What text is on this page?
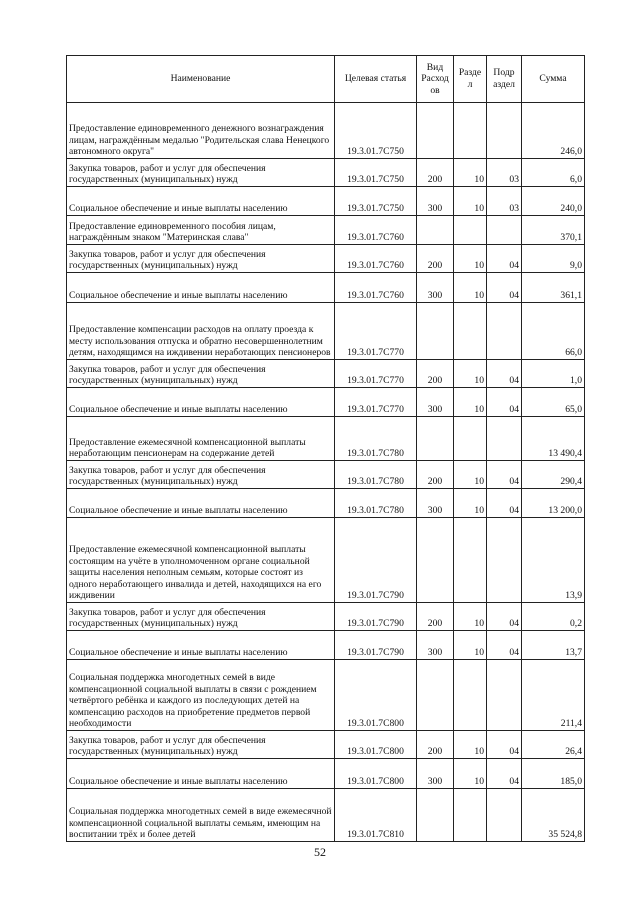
Наименование	Целевая статья	Вид Расход ов	Разде л	Подр аздел	Сумма
Предоставление единовременного денежного вознаграждения лицам, награждённым медалью "Родительская слава Ненецкого автономного округа"	19.3.01.7С750				246,0
Закупка товаров, работ и услуг для обеспечения государственных (муниципальных) нужд	19.3.01.7С750	200	10	03	6,0
Социальное обеспечение и иные выплаты населению	19.3.01.7С750	300	10	03	240,0
Предоставление единовременного пособия лицам, награждённым знаком "Материнская слава"	19.3.01.7С760				370,1
Закупка товаров, работ и услуг для обеспечения государственных (муниципальных) нужд	19.3.01.7С760	200	10	04	9,0
Социальное обеспечение и иные выплаты населению	19.3.01.7С760	300	10	04	361,1
Предоставление компенсации расходов на оплату проезда к месту использования отпуска и обратно несовершеннолетним детям, находящимся на иждивении неработающих пенсионеров	19.3.01.7С770				66,0
Закупка товаров, работ и услуг для обеспечения государственных (муниципальных) нужд	19.3.01.7С770	200	10	04	1,0
Социальное обеспечение и иные выплаты населению	19.3.01.7С770	300	10	04	65,0
Предоставление ежемесячной компенсационной выплаты неработающим пенсионерам на содержание детей	19.3.01.7С780				13 490,4
Закупка товаров, работ и услуг для обеспечения государственных (муниципальных) нужд	19.3.01.7С780	200	10	04	290,4
Социальное обеспечение и иные выплаты населению	19.3.01.7С780	300	10	04	13 200,0
Предоставление ежемесячной компенсационной выплаты состоящим на учёте в уполномоченном органе социальной защиты населения неполным семьям, которые состоят из одного неработающего инвалида и детей, находящихся на его иждивении	19.3.01.7С790				13,9
Закупка товаров, работ и услуг для обеспечения государственных (муниципальных) нужд	19.3.01.7С790	200	10	04	0,2
Социальное обеспечение и иные выплаты населению	19.3.01.7С790	300	10	04	13,7
Социальная поддержка многодетных семей в виде компенсационной социальной выплаты в связи с рождением четвёртого ребёнка и каждого из последующих детей на компенсацию расходов на приобретение предметов первой необходимости	19.3.01.7С800				211,4
Закупка товаров, работ и услуг для обеспечения государственных (муниципальных) нужд	19.3.01.7С800	200	10	04	26,4
Социальное обеспечение и иные выплаты населению	19.3.01.7С800	300	10	04	185,0
Социальная поддержка многодетных семей в виде ежемесячной компенсационной социальной выплаты семьям, имеющим на воспитании трёх и более детей	19.3.01.7С810				35 524,8
52
